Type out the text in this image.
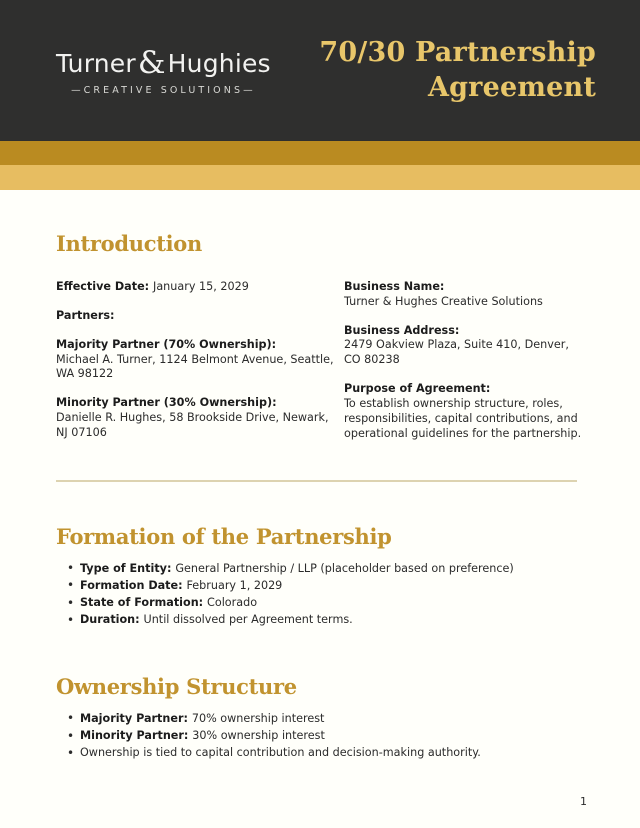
Turner & Hughies
—CREATIVE SOLUTIONS—
70/30 Partnership Agreement
Introduction
Effective Date: January 15, 2029
Partners:
Majority Partner (70% Ownership):
Michael A. Turner, 1124 Belmont Avenue, Seattle, WA 98122
Minority Partner (30% Ownership):
Danielle R. Hughes, 58 Brookside Drive, Newark, NJ 07106
Business Name:
Turner & Hughes Creative Solutions
Business Address:
2479 Oakview Plaza, Suite 410, Denver, CO 80238
Purpose of Agreement:
To establish ownership structure, roles, responsibilities, capital contributions, and operational guidelines for the partnership.
Formation of the Partnership
• Type of Entity: General Partnership / LLP (placeholder based on preference)
• Formation Date: February 1, 2029
• State of Formation: Colorado
• Duration: Until dissolved per Agreement terms.
Ownership Structure
• Majority Partner: 70% ownership interest
• Minority Partner: 30% ownership interest
• Ownership is tied to capital contribution and decision-making authority.
1
